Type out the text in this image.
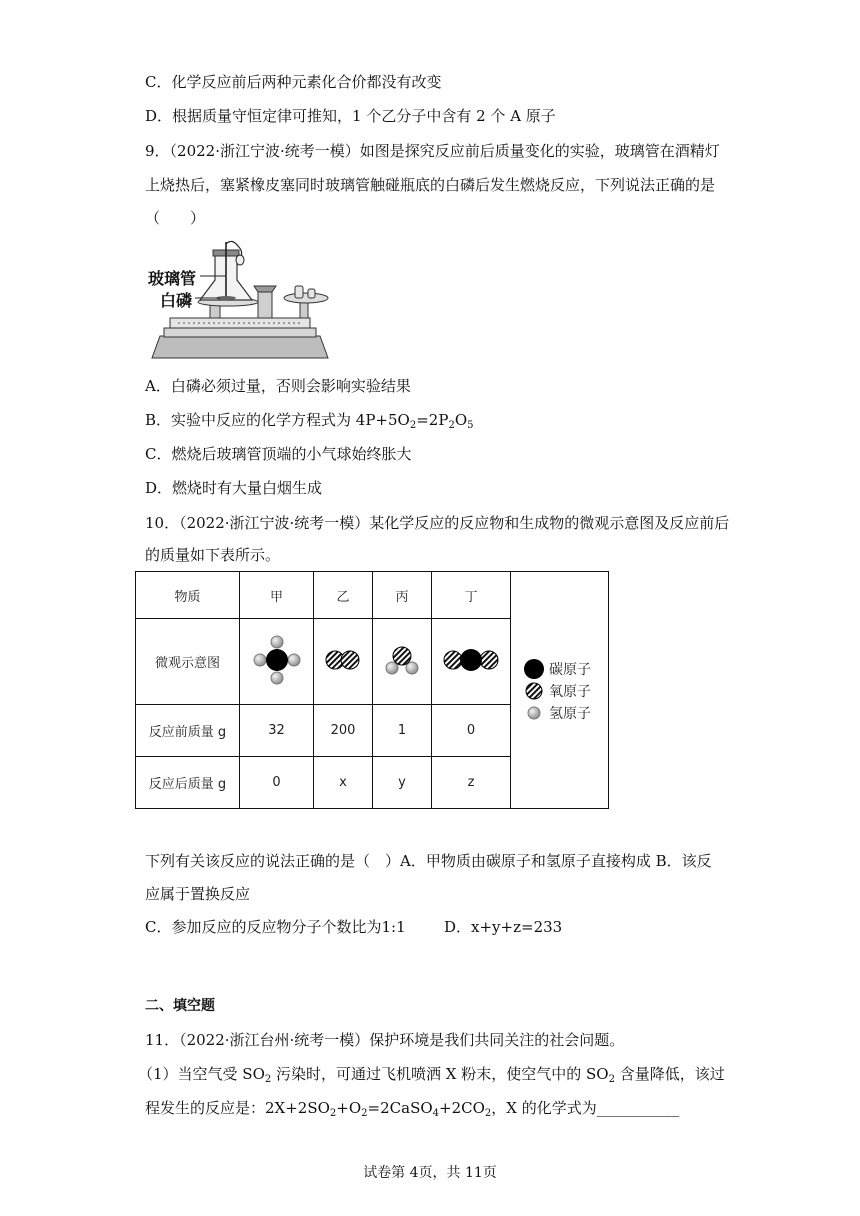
C．化学反应前后两种元素化合价都没有改变
D．根据质量守恒定律可推知，1 个乙分子中含有 2 个 A 原子
9．（2022·浙江宁波·统考一模）如图是探究反应前后质量变化的实验，玻璃管在酒精灯
上烧热后，塞紧橡皮塞同时玻璃管触碰瓶底的白磷后发生燃烧反应，下列说法正确的是
（　　）
玻璃管
白磷
A．白磷必须过量，否则会影响实验结果
B．实验中反应的化学方程式为 $4P+5O_2=2P_2O_5$
C．燃烧后玻璃管顶端的小气球始终胀大
D．燃烧时有大量白烟生成
10．（2022·浙江宁波·统考一模）某化学反应的反应物和生成物的微观示意图及反应前后
的质量如下表所示。
物质	甲	乙	丙	丁	碳原子
氧原子
氢原子

微观示意图				
反应前质量 g	32	200	1	0	
反应后质量 g	0	x	y	z	
下列有关该反应的说法正确的是（　）A．甲物质由碳原子和氢原子直接构成 B．该反
应属于置换反应
C．参加反应的反应物分子个数比为1:1	D．x+y+z=233
二、填空题
11．（2022·浙江台州·统考一模）保护环境是我们共同关注的社会问题。
（1）当空气受 $SO_2$ 污染时，可通过飞机喷洒 X 粉末，使空气中的 $SO_2$ 含量降低，该过
程发生的反应是：$2X+2SO_2+O_2=2CaSO_4+2CO_2$，X 的化学式为___________
试卷第 4页，共 11页
